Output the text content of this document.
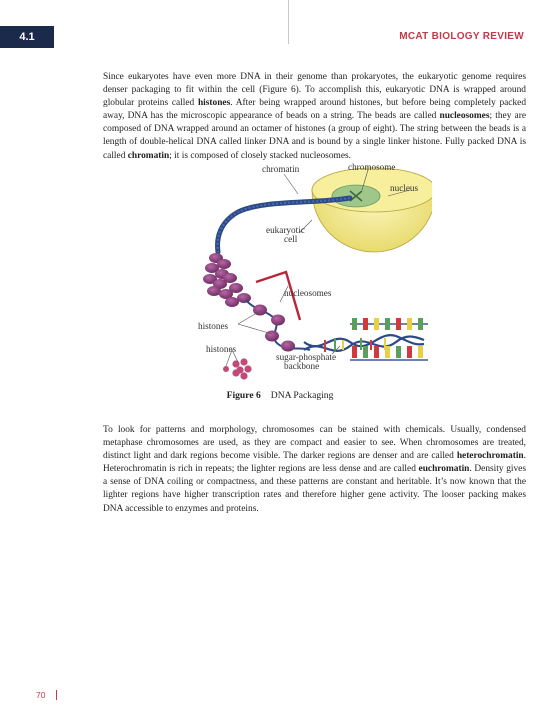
4.1	MCAT BIOLOGY REVIEW

Since eukaryotes have even more DNA in their genome than prokaryotes, the eukaryotic genome requires denser packaging to fit within the cell (Figure 6). To accomplish this, eukaryotic DNA is wrapped around globular proteins called histones. After being wrapped around histones, but before being completely packed away, DNA has the microscopic appearance of beads on a string. The beads are called nucleosomes; they are composed of DNA wrapped around an octamer of histones (a group of eight). The string between the beads is a length of double-helical DNA called linker DNA and is bound by a single linker histone. Fully packed DNA is called chromatin; it is composed of closely stacked nucleosomes.

chromatin	chromosome
nucleus
eukaryotic
cell
nucleosomes
histones
histones
sugar-phosphate
backbone
Figure 6 DNA Packaging

To look for patterns and morphology, chromosomes can be stained with chemicals. Usually, condensed metaphase chromosomes are used, as they are compact and easier to see. When chromosomes are treated, distinct light and dark regions become visible. The darker regions are denser and are called heterochromatin. Heterochromatin is rich in repeats; the lighter regions are less dense and are called euchromatin. Density gives a sense of DNA coiling or compactness, and these patterns are constant and heritable. It’s now known that the lighter regions have higher transcription rates and therefore higher gene activity. The looser packing makes DNA accessible to enzymes and proteins.

70
